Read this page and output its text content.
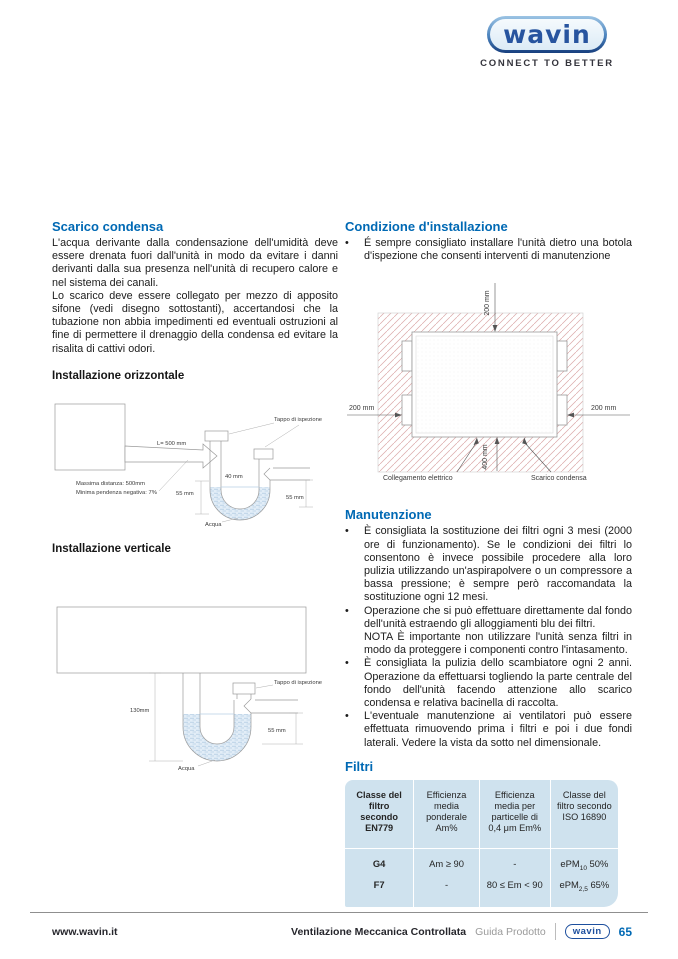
wavin
CONNECT TO BETTER
Scarico condensa
L'acqua derivante dalla condensazione dell'umidità deve essere drenata fuori dall'unità in modo da evitare i danni derivanti dalla sua presenza nell'unità di recupero calore e nel sistema dei canali.
Lo scarico deve essere collegato per mezzo di apposito sifone (vedi disegno sottostanti), accertandosi che la tubazione non abbia impedimenti ed eventuali ostruzioni al fine di permettere il drenaggio della condensa ed evitare la risalita di cattivi odori.
Installazione orizzontale
L= 500 mm
Tappo di ispezione
Massima distanza: 500mm
Minima pendenza negativa: 7%
40 mm
55 mm
55 mm
Acqua
Installazione verticale
130mm
Tappo di ispezione
55 mm
Acqua
Condizione d'installazione
•	É sempre consigliato installare l'unità dietro una botola d'ispezione che consenti interventi di manutenzione
200 mm
200 mm	200 mm
400 mm
Collegamento elettrico	Scarico condensa
Manutenzione
•	È consigliata la sostituzione dei filtri ogni 3 mesi (2000 ore di funzionamento). Se le condizioni dei filtri lo consentono è invece possibile procedere alla loro pulizia utilizzando un'aspirapolvere o un compressore a bassa pressione; è sempre però raccomandata la sostituzione ogni 12 mesi.
•	Operazione che si può effettuare direttamente dal fondo dell'unità estraendo gli alloggiamenti blu dei filtri.
NOTA È importante non utilizzare l'unità senza filtri in modo da proteggere i componenti contro l'intasamento.
•	È consigliata la pulizia dello scambiatore ogni 2 anni. Operazione da effettuarsi togliendo la parte centrale del fondo dell'unità facendo attenzione allo scarico condensa e relativa bacinella di raccolta.
•	L'eventuale manutenzione ai ventilatori può essere effettuata rimuovendo prima i filtri e poi i due fondi laterali. Vedere la vista da sotto nel dimensionale.
Filtri
Classe del filtro secondo EN779	Efficienza media ponderale Am%	Efficienza media per particelle di 0,4 μm Em%	Classe del filtro secondo ISO 16890
G4	Am ≥ 90	-	ePM$_{10}$ 50%
F7	-	80 ≤ Em < 90	ePM$_{2,5}$ 65%
www.wavin.it	Ventilazione Meccanica Controllata Guida Prodotto	wavin	65
